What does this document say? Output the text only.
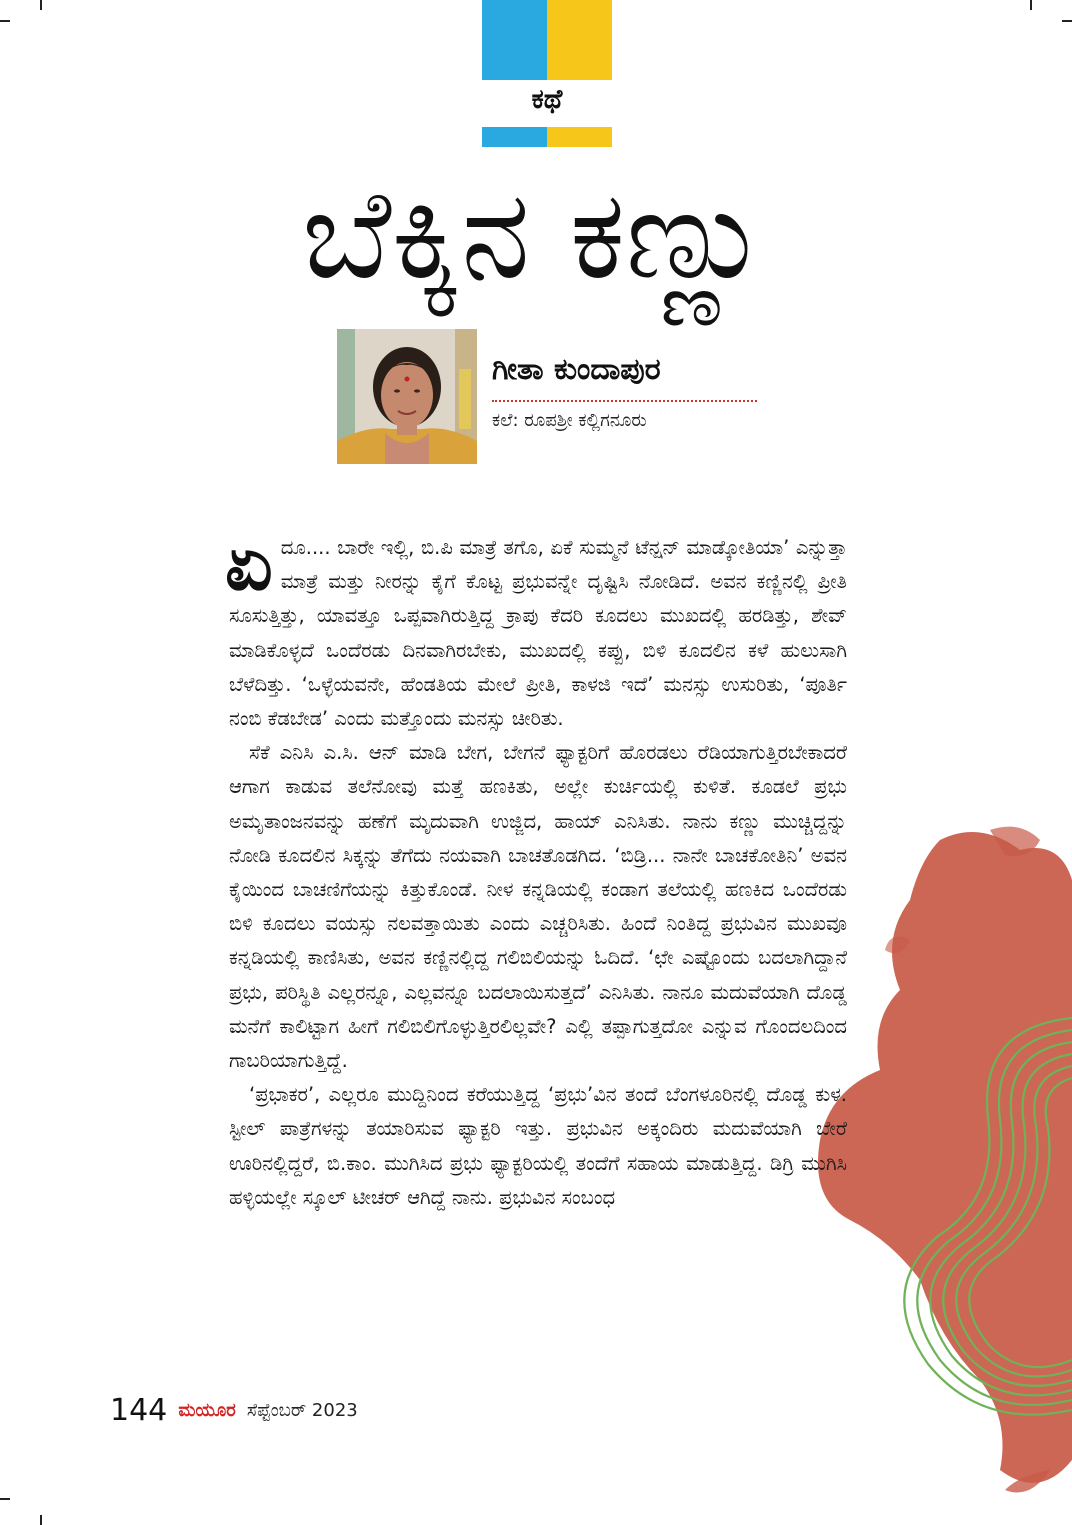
ಕಥೆ
ಬೆಕ್ಕಿನ ಕಣ್ಣು
ಗೀತಾ ಕುಂದಾಪುರ
ಕಲೆ: ರೂಪಶ್ರೀ ಕಲ್ಲಿಗನೂರು

ಏದೂ.... ಬಾರೇ ಇಲ್ಲಿ, ಬಿ.ಪಿ ಮಾತ್ರೆ ತಗೊ, ಏಕೆ ಸುಮ್ಮನೆ ಟೆನ್ಷನ್ ಮಾಡ್ಕೋತಿಯಾ’ ಎನ್ನುತ್ತಾ ಮಾತ್ರೆ ಮತ್ತು ನೀರನ್ನು ಕೈಗೆ ಕೊಟ್ಟ ಪ್ರಭುವನ್ನೇ ದೃಷ್ಟಿಸಿ ನೋಡಿದೆ. ಅವನ ಕಣ್ಣಿನಲ್ಲಿ ಪ್ರೀತಿ ಸೂಸುತ್ತಿತ್ತು, ಯಾವತ್ತೂ ಒಪ್ಪವಾಗಿರುತ್ತಿದ್ದ ಕ್ರಾಪು ಕೆದರಿ ಕೂದಲು ಮುಖದಲ್ಲಿ ಹರಡಿತ್ತು, ಶೇವ್ ಮಾಡಿಕೊಳ್ಳದೆ ಒಂದೆರಡು ದಿನವಾಗಿರಬೇಕು, ಮುಖದಲ್ಲಿ ಕಪ್ಪು, ಬಿಳಿ ಕೂದಲಿನ ಕಳೆ ಹುಲುಸಾಗಿ ಬೆಳೆದಿತ್ತು. ‘ಒಳ್ಳೆಯವನೇ, ಹೆಂಡತಿಯ ಮೇಲೆ ಪ್ರೀತಿ, ಕಾಳಜಿ ಇದೆ’ ಮನಸ್ಸು ಉಸುರಿತು, ‘ಪೂರ್ತಿ ನಂಬಿ ಕೆಡಬೇಡ’ ಎಂದು ಮತ್ತೊಂದು ಮನಸ್ಸು ಚೀರಿತು.

ಸೆಕೆ ಎನಿಸಿ ಎ.ಸಿ. ಆನ್ ಮಾಡಿ ಬೇಗ, ಬೇಗನೆ ಫ್ಯಾಕ್ಟರಿಗೆ ಹೊರಡಲು ರೆಡಿಯಾಗುತ್ತಿರಬೇಕಾದರೆ ಆಗಾಗ ಕಾಡುವ ತಲೆನೋವು ಮತ್ತೆ ಹಣಕಿತು, ಅಲ್ಲೇ ಕುರ್ಚಿಯಲ್ಲಿ ಕುಳಿತೆ. ಕೂಡಲೆ ಪ್ರಭು ಅಮೃತಾಂಜನವನ್ನು ಹಣೆಗೆ ಮೃದುವಾಗಿ ಉಜ್ಜಿದ, ಹಾಯ್ ಎನಿಸಿತು. ನಾನು ಕಣ್ಣು ಮುಚ್ಚಿದ್ದನ್ನು ನೋಡಿ ಕೂದಲಿನ ಸಿಕ್ಕನ್ನು ತೆಗೆದು ನಯವಾಗಿ ಬಾಚತೊಡಗಿದ. ‘ಬಿಡ್ರಿ... ನಾನೇ ಬಾಚಕೋತಿನಿ’ ಅವನ ಕೈಯಿಂದ ಬಾಚಣಿಗೆಯನ್ನು ಕಿತ್ತುಕೊಂಡೆ. ನೀಳ ಕನ್ನಡಿಯಲ್ಲಿ ಕಂಡಾಗ ತಲೆಯಲ್ಲಿ ಹಣಕಿದ ಒಂದೆರಡು ಬಿಳಿ ಕೂದಲು ವಯಸ್ಸು ನಲವತ್ತಾಯಿತು ಎಂದು ಎಚ್ಚರಿಸಿತು. ಹಿಂದೆ ನಿಂತಿದ್ದ ಪ್ರಭುವಿನ ಮುಖವೂ ಕನ್ನಡಿಯಲ್ಲಿ ಕಾಣಿಸಿತು, ಅವನ ಕಣ್ಣಿನಲ್ಲಿದ್ದ ಗಲಿಬಿಲಿಯನ್ನು ಓದಿದೆ. ‘ಛೇ ಎಷ್ಟೊಂದು ಬದಲಾಗಿದ್ದಾನೆ ಪ್ರಭು, ಪರಿಸ್ಥಿತಿ ಎಲ್ಲರನ್ನೂ, ಎಲ್ಲವನ್ನೂ ಬದಲಾಯಿಸುತ್ತದೆ’ ಎನಿಸಿತು. ನಾನೂ ಮದುವೆಯಾಗಿ ದೊಡ್ಡ ಮನೆಗೆ ಕಾಲಿಟ್ಟಾಗ ಹೀಗೆ ಗಲಿಬಿಲಿಗೊಳ್ಳುತ್ತಿರಲಿಲ್ಲವೇ? ಎಲ್ಲಿ ತಪ್ಪಾಗುತ್ತದೋ ಎನ್ನುವ ಗೊಂದಲದಿಂದ ಗಾಬರಿಯಾಗುತ್ತಿದ್ದೆ.

‘ಪ್ರಭಾಕರ’, ಎಲ್ಲರೂ ಮುದ್ದಿನಿಂದ ಕರೆಯುತ್ತಿದ್ದ ‘ಪ್ರಭು’ವಿನ ತಂದೆ ಬೆಂಗಳೂರಿನಲ್ಲಿ ದೊಡ್ಡ ಕುಳ. ಸ್ಟೀಲ್ ಪಾತ್ರೆಗಳನ್ನು ತಯಾರಿಸುವ ಫ್ಯಾಕ್ಟರಿ ಇತ್ತು. ಪ್ರಭುವಿನ ಅಕ್ಕಂದಿರು ಮದುವೆಯಾಗಿ ಬೇರೆ ಊರಿನಲ್ಲಿದ್ದರೆ, ಬಿ.ಕಾಂ. ಮುಗಿಸಿದ ಪ್ರಭು ಫ್ಯಾಕ್ಟರಿಯಲ್ಲಿ ತಂದೆಗೆ ಸಹಾಯ ಮಾಡುತ್ತಿದ್ದ. ಡಿಗ್ರಿ ಮುಗಿಸಿ ಹಳ್ಳಿಯಲ್ಲೇ ಸ್ಕೂಲ್ ಟೀಚರ್ ಆಗಿದ್ದೆ ನಾನು. ಪ್ರಭುವಿನ ಸಂಬಂಧ

144 ಮಯೂರ ಸೆಪ್ಟೆಂಬರ್ 2023
